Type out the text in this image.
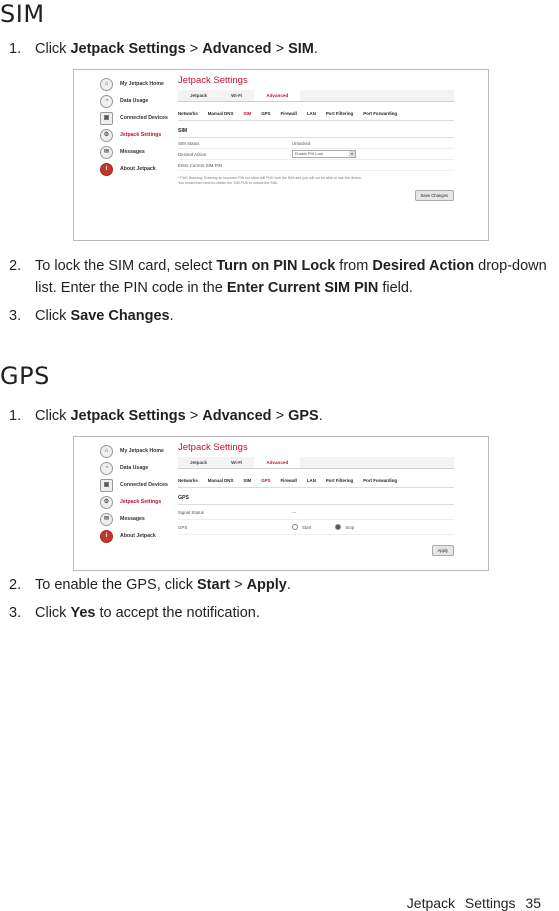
SIM
1. Click Jetpack Settings > Advanced > SIM.
⌂	My Jetpack Home
◔	Data Usage
▣	Connected Devices
⚙	Jetpack Settings
✉	Messages
i	About Jetpack
Jetpack Settings
Jetpack	Wi-Fi	Advanced
Networks Manual DNS SIM GPS Firewall LAN Port Filtering Port Forwarding
SIM
SIM Status	Unlocked
Desired Action	Enable PIN Lock	▾
Enter Current SIM PIN
* PUK Warning: Entering an incorrect PIN too often will PUK lock the SIM and you will not be able to use the device.
You would then need to obtain the SIM PUK to unlock the SIM.
Save Changes
2. To lock the SIM card, select Turn on PIN Lock from Desired Action drop-down list. Enter the PIN code in the Enter Current SIM PIN field.
3. Click Save Changes.
GPS
1. Click Jetpack Settings > Advanced > GPS.
⌂	My Jetpack Home
◔	Data Usage
▣	Connected Devices
⚙	Jetpack Settings
✉	Messages
i	About Jetpack
Jetpack Settings
Jetpack	Wi-Fi	Advanced
Networks Manual DNS SIM GPS Firewall LAN Port Filtering Port Forwarding
GPS
Signal Status	---
GPS	Start	Stop
Apply
2. To enable the GPS, click Start > Apply.
3. Click Yes to accept the notification.
Jetpack Settings 35
